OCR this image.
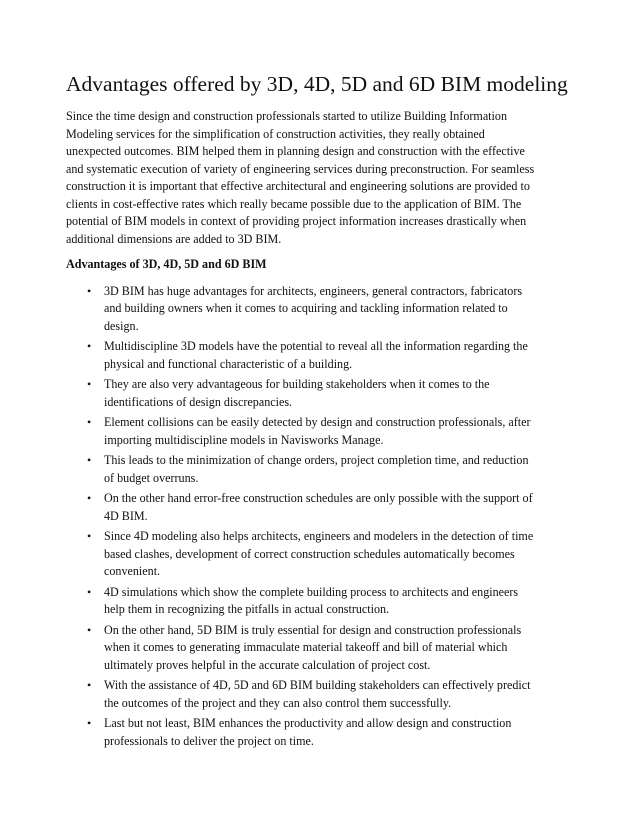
Advantages offered by 3D, 4D, 5D and 6D BIM modeling

Since the time design and construction professionals started to utilize Building Information
Modeling services for the simplification of construction activities, they really obtained
unexpected outcomes. BIM helped them in planning design and construction with the effective
and systematic execution of variety of engineering services during preconstruction. For seamless
construction it is important that effective architectural and engineering solutions are provided to
clients in cost-effective rates which really became possible due to the application of BIM. The
potential of BIM models in context of providing project information increases drastically when
additional dimensions are added to 3D BIM.

Advantages of 3D, 4D, 5D and 6D BIM
• 3D BIM has huge advantages for architects, engineers, general contractors, fabricators
and building owners when it comes to acquiring and tackling information related to
design.
• Multidiscipline 3D models have the potential to reveal all the information regarding the
physical and functional characteristic of a building.
• They are also very advantageous for building stakeholders when it comes to the
identifications of design discrepancies.
• Element collisions can be easily detected by design and construction professionals, after
importing multidiscipline models in Navisworks Manage.
• This leads to the minimization of change orders, project completion time, and reduction
of budget overruns.
• On the other hand error-free construction schedules are only possible with the support of
4D BIM.
• Since 4D modeling also helps architects, engineers and modelers in the detection of time
based clashes, development of correct construction schedules automatically becomes
convenient.
• 4D simulations which show the complete building process to architects and engineers
help them in recognizing the pitfalls in actual construction.
• On the other hand, 5D BIM is truly essential for design and construction professionals
when it comes to generating immaculate material takeoff and bill of material which
ultimately proves helpful in the accurate calculation of project cost.
• With the assistance of 4D, 5D and 6D BIM building stakeholders can effectively predict
the outcomes of the project and they can also control them successfully.
• Last but not least, BIM enhances the productivity and allow design and construction
professionals to deliver the project on time.
